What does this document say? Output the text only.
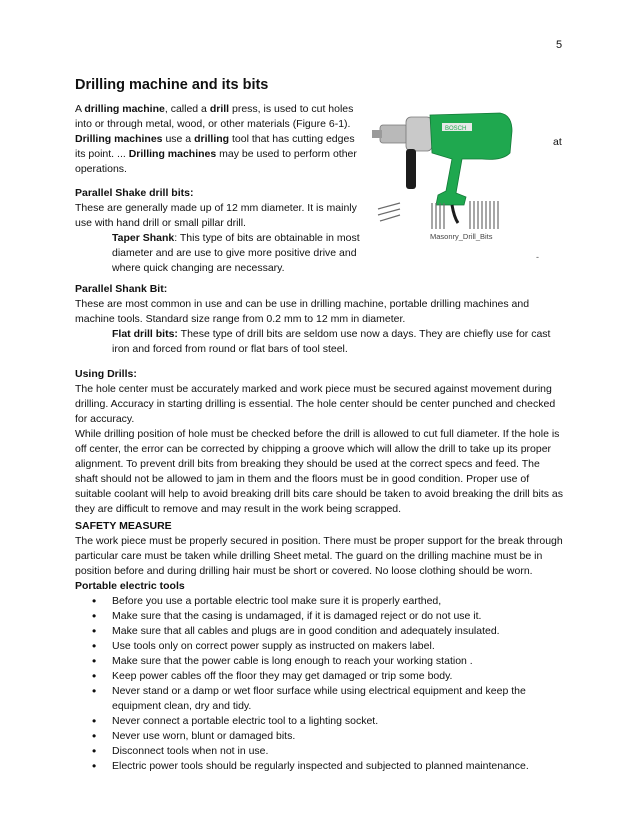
5
Drilling machine and its bits
A drilling machine, called a drill press, is used to cut holes into or through metal, wood, or other materials (Figure 6-1). Drilling machines use a drilling tool that has cutting edges
its point. ... Drilling machines may be used to perform other operations.
at
BOSCH
Masonry_Drill_Bits
-
Parallel Shake drill bits:
These are generally made up of 12 mm diameter. It is mainly use with hand drill or small pillar drill.
Taper Shank: This type of bits are obtainable in most diameter and are use to give more positive drive and where quick changing are necessary.
Parallel Shank Bit:
These are most common in use and can be use in drilling machine, portable drilling machines and machine tools. Standard size range from 0.2 mm to 12 mm in diameter.
Flat drill bits: These type of drill bits are seldom use now a days. They are chiefly use for cast iron and forced from round or flat bars of tool steel.
Using Drills:
The hole center must be accurately marked and work piece must be secured against movement during drilling. Accuracy in starting drilling is essential. The hole center should be center punched and checked for accuracy.
While drilling position of hole must be checked before the drill is allowed to cut full diameter. If the hole is off center, the error can be corrected by chipping a groove which will allow the drill to take up its proper alignment. To prevent drill bits from breaking they should be used at the correct specs and feed. The shaft should not be allowed to jam in them and the floors must be in good condition. Proper use of suitable coolant will help to avoid breaking drill bits care should be taken to avoid breaking the drill bits as they are difficult to remove and may result in the work being scrapped.
SAFETY MEASURE
The work piece must be properly secured in position. There must be proper support for the break through particular care must be taken while drilling Sheet metal. The guard on the drilling machine must be in position before and during drilling hair must be short or covered. No loose clothing should be worn.
Portable electric tools
• Before you use a portable electric tool make sure it is properly earthed,
• Make sure that the casing is undamaged, if it is damaged reject or do not use it.
• Make sure that all cables and plugs are in good condition and adequately insulated.
• Use tools only on correct power supply as instructed on makers label.
• Make sure that the power cable is long enough to reach your working station .
• Keep power cables off the floor they may get damaged or trip some body.
• Never stand or a damp or wet floor surface while using electrical equipment and keep the equipment clean, dry and tidy.
• Never connect a portable electric tool to a lighting socket.
• Never use worn, blunt or damaged bits.
• Disconnect tools when not in use.
• Electric power tools should be regularly inspected and subjected to planned maintenance.
